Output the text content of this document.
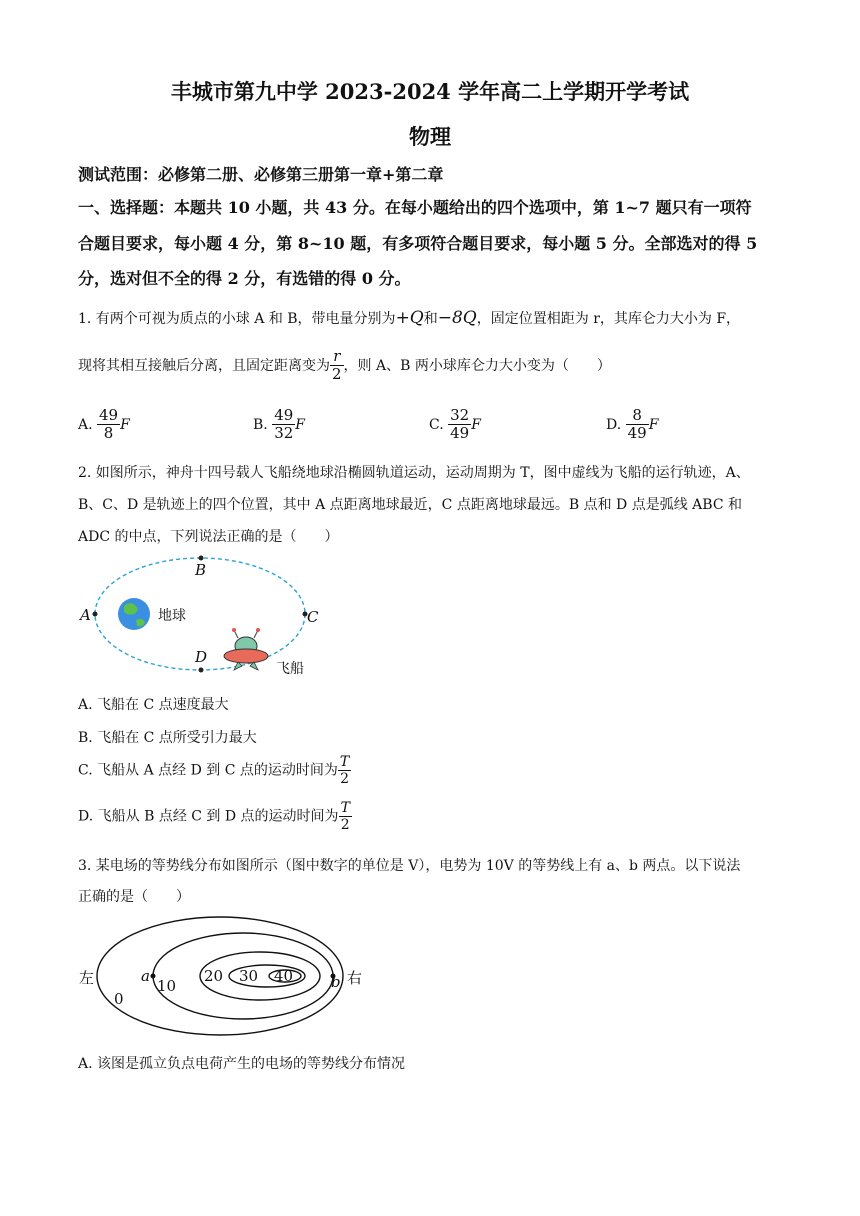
丰城市第九中学 2023-2024 学年高二上学期开学考试
物理
测试范围：必修第二册、必修第三册第一章+第二章
一、选择题：本题共 10 小题，共 43 分。在每小题给出的四个选项中，第 1~7 题只有一项符
合题目要求，每小题 4 分，第 8~10 题，有多项符合题目要求，每小题 5 分。全部选对的得 5
分，选对但不全的得 2 分，有选错的得 0 分。
1. 有两个可视为质点的小球 A 和 B，带电量分别为+Q和−8Q，固定位置相距为 r，其库仑力大小为 F，
现将其相互接触后分离，且固定距离变为 $\frac{r}{2}$ ，则 A、B 两小球库仑力大小变为（　　）
A. $\frac{49}{8}$ F	B. $\frac{49}{32}$ F	C. $\frac{32}{49}$ F	D. $\frac{8}{49}$ F
2. 如图所示，神舟十四号载人飞船绕地球沿椭圆轨道运动，运动周期为 T，图中虚线为飞船的运行轨迹，A、
B、C、D 是轨迹上的四个位置，其中 A 点距离地球最近，C 点距离地球最远。B 点和 D 点是弧线 ABC 和
ADC 的中点，下列说法正确的是（　　）
A
B
C
D
地球
飞船
A. 飞船在 C 点速度最大
B. 飞船在 C 点所受引力最大
C. 飞船从 A 点经 D 到 C 点的运动时间为 $\frac{T}{2}$
D. 飞船从 B 点经 C 到 D 点的运动时间为 $\frac{T}{2}$
3. 某电场的等势线分布如图所示（图中数字的单位是 V），电势为 10V 的等势线上有 a、b 两点。以下说法
正确的是（　　）
左	右
a	b
0
10
20 30 40
A. 该图是孤立负点电荷产生的电场的等势线分布情况
